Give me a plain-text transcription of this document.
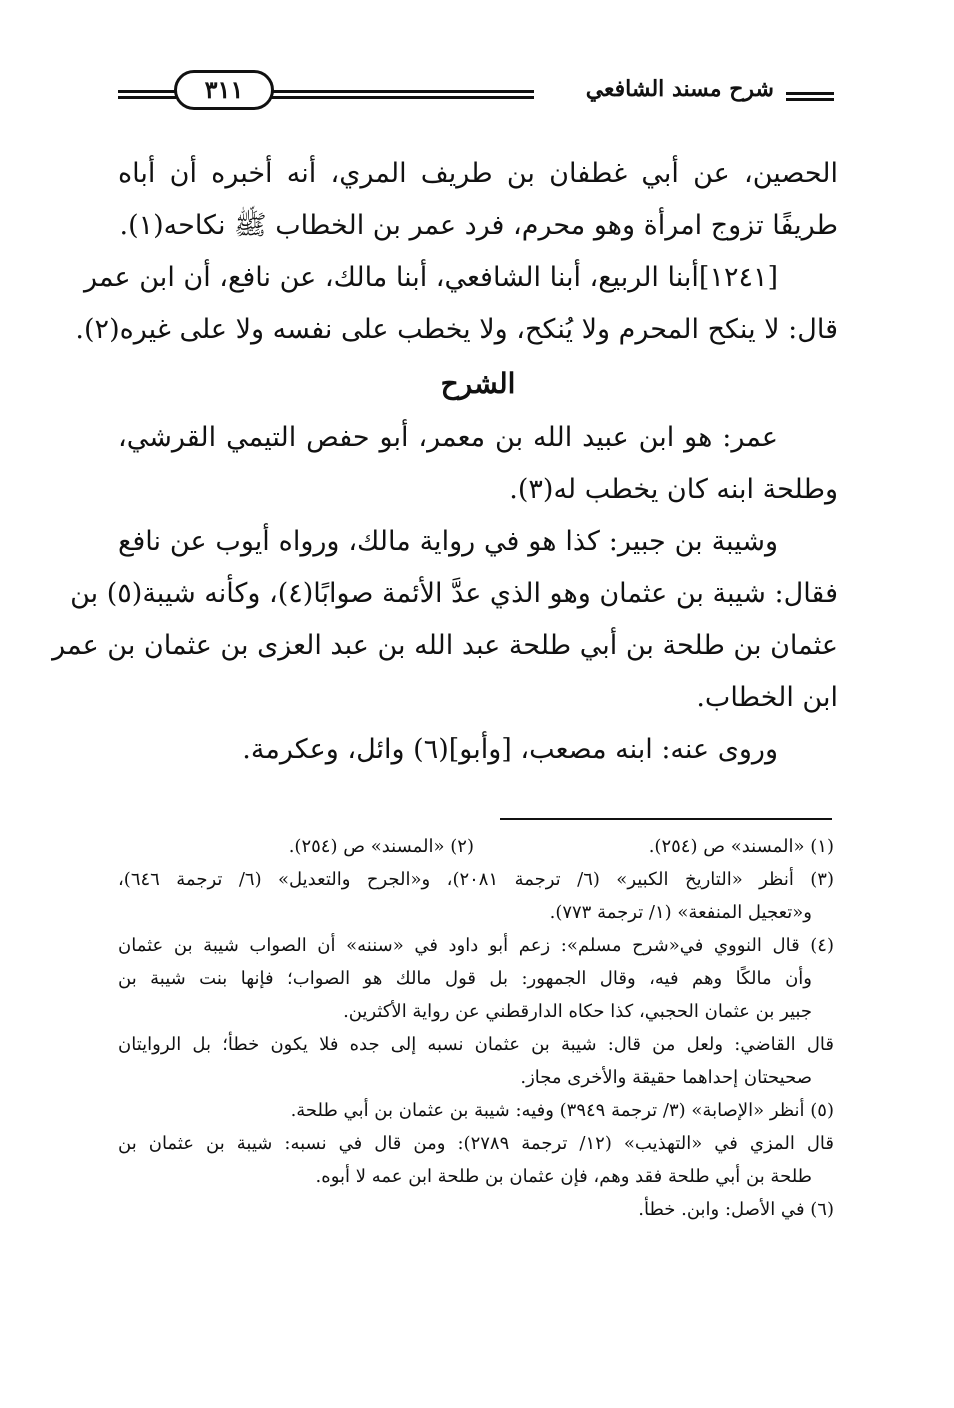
شرح مسند الشافعي
٣١١
الحصين، عن أبي غطفان بن طريف المري، أنه أخبره أن أباه
طريفًا تزوج امرأة وهو محرم، فرد عمر بن الخطاب ﷺ نكاحه(١).
[١٢٤١]أبنا الربيع، أبنا الشافعي، أبنا مالك، عن نافع، أن ابن عمر
قال: لا ينكح المحرم ولا يُنكح، ولا يخطب على نفسه ولا على غيره(٢).
الشرح
عمر: هو ابن عبيد الله بن معمر، أبو حفص التيمي القرشي،
وطلحة ابنه كان يخطب له(٣).
وشيبة بن جبير: كذا هو في رواية مالك، ورواه أيوب عن نافع
فقال: شيبة بن عثمان وهو الذي عدَّ الأئمة صوابًا(٤)، وكأنه شيبة(٥) بن
عثمان بن طلحة بن أبي طلحة عبد الله بن عبد العزى بن عثمان بن عمر
ابن الخطاب.
وروى عنه: ابنه مصعب، [وأبو](٦) وائل، وعكرمة.
(١) «المسند» ص (٢٥٤).
(٢) «المسند» ص (٢٥٤).
(٣) أنظر «التاريخ الكبير» (٦/ ترجمة ٢٠٨١)، و«الجرح والتعديل» (٦/ ترجمة ٦٤٦)،
و«تعجيل المنفعة» (١/ ترجمة ٧٧٣).
(٤) قال النووي في«شرح مسلم»: زعم أبو داود في «سننه» أن الصواب شيبة بن عثمان
وأن مالكًا وهم فيه، وقال الجمهور: بل قول مالك هو الصواب؛ فإنها بنت شيبة بن
جبير بن عثمان الحجبي، كذا حكاه الدارقطني عن رواية الأكثرين.
قال القاضي: ولعل من قال: شيبة بن عثمان نسبه إلى جده فلا يكون خطأ؛ بل الروايتان
صحيحتان إحداهما حقيقة والأخرى مجاز.
(٥) أنظر «الإصابة» (٣/ ترجمة ٣٩٤٩) وفيه: شيبة بن عثمان بن أبي طلحة.
قال المزي في «التهذيب» (١٢/ ترجمة ٢٧٨٩): ومن قال في نسبه: شيبة بن عثمان بن
طلحة بن أبي طلحة فقد وهم، فإن عثمان بن طلحة ابن عمه لا أبوه.
(٦) في الأصل: وابن. خطأ.
